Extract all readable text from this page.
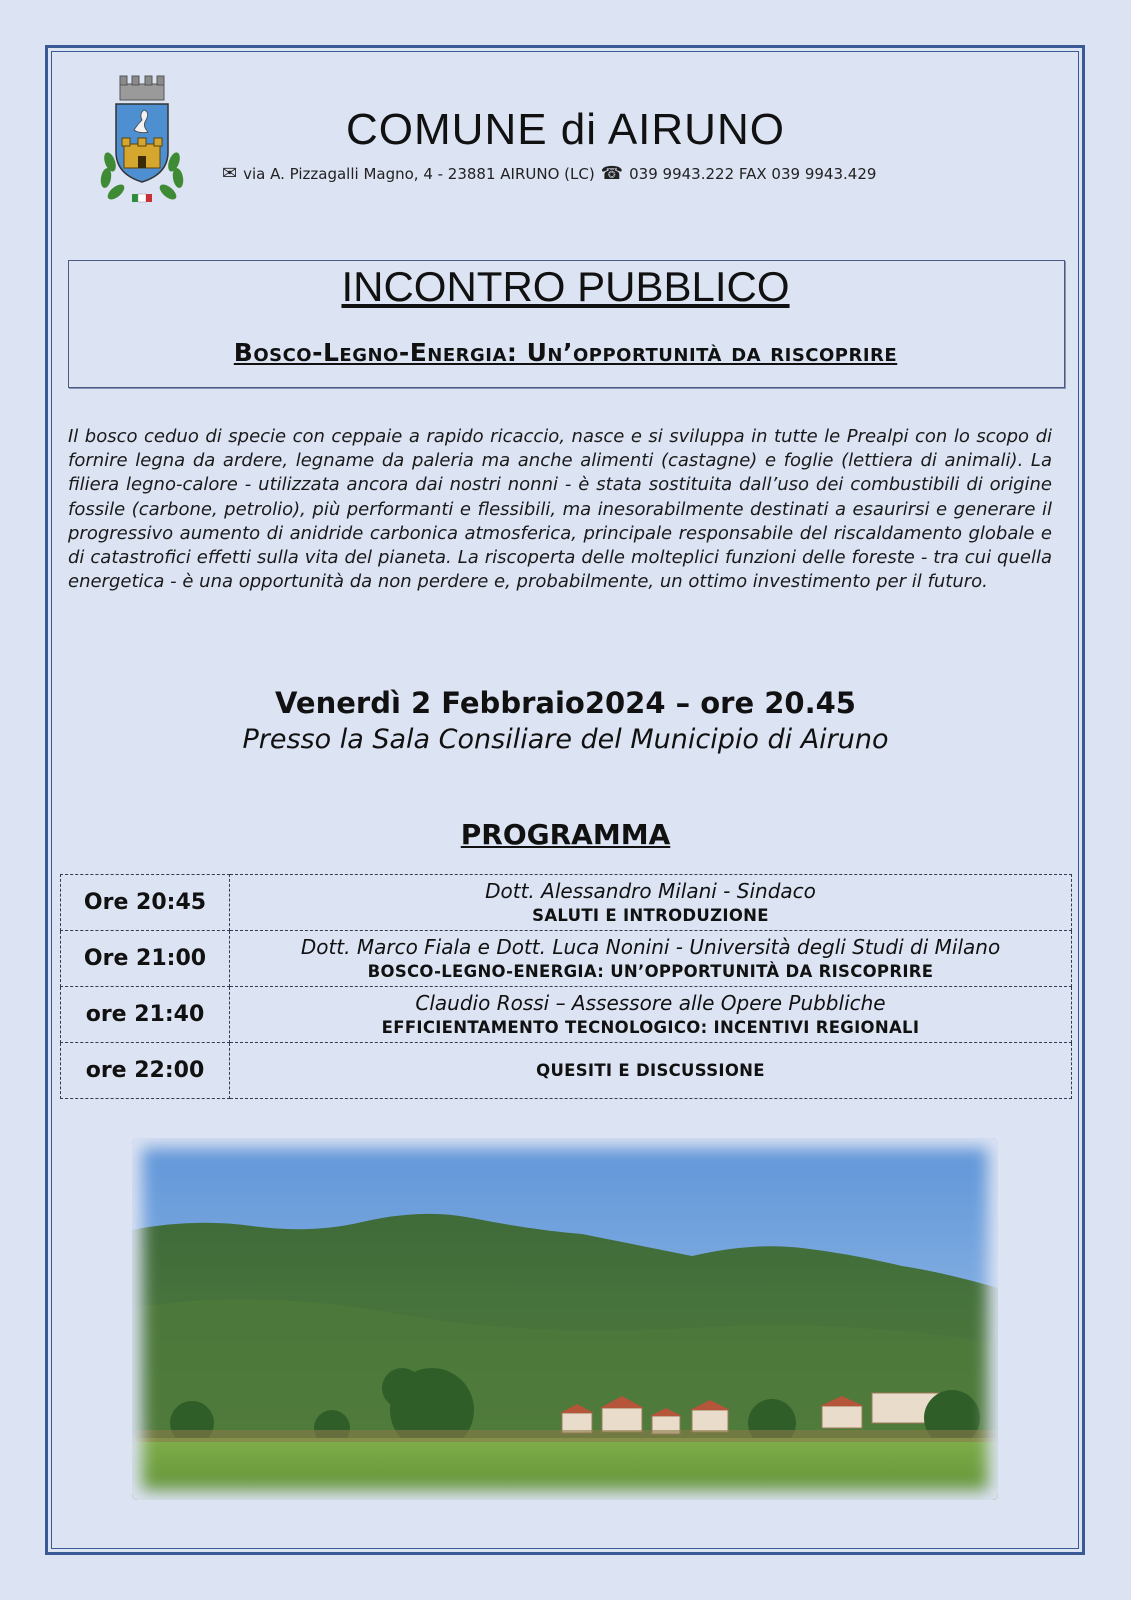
COMUNE di AIRUNO
✉ via A. Pizzagalli Magno, 4 - 23881 AIRUNO (LC) ☎ 039 9943.222 FAX 039 9943.429
INCONTRO PUBBLICO
Bosco-Legno-Energia: Un’opportunità da riscoprire
Il bosco ceduo di specie con ceppaie a rapido ricaccio, nasce e si sviluppa in tutte le Prealpi con lo scopo di fornire legna da ardere, legname da paleria ma anche alimenti (castagne) e foglie (lettiera di animali). La filiera legno-calore - utilizzata ancora dai nostri nonni - è stata sostituita dall’uso dei combustibili di origine fossile (carbone, petrolio), più performanti e flessibili, ma inesorabilmente destinati a esaurirsi e generare il progressivo aumento di anidride carbonica atmosferica, principale responsabile del riscaldamento globale e di catastrofici effetti sulla vita del pianeta. La riscoperta delle molteplici funzioni delle foreste - tra cui quella energetica - è una opportunità da non perdere e, probabilmente, un ottimo investimento per il futuro.
Venerdì 2 Febbraio2024 – ore 20.45
Presso la Sala Consiliare del Municipio di Airuno
PROGRAMMA
Ore 20:45	Dott. Alessandro Milani - Sindaco
SALUTI E INTRODUZIONE

Ore 21:00	Dott. Marco Fiala e Dott. Luca Nonini - Università degli Studi di Milano
BOSCO-LEGNO-ENERGIA: UN’OPPORTUNITÀ DA RISCOPRIRE

ore 21:40	Claudio Rossi – Assessore alle Opere Pubbliche
EFFICIENTAMENTO TECNOLOGICO: INCENTIVI REGIONALI

ore 22:00	QUESITI E DISCUSSIONE
